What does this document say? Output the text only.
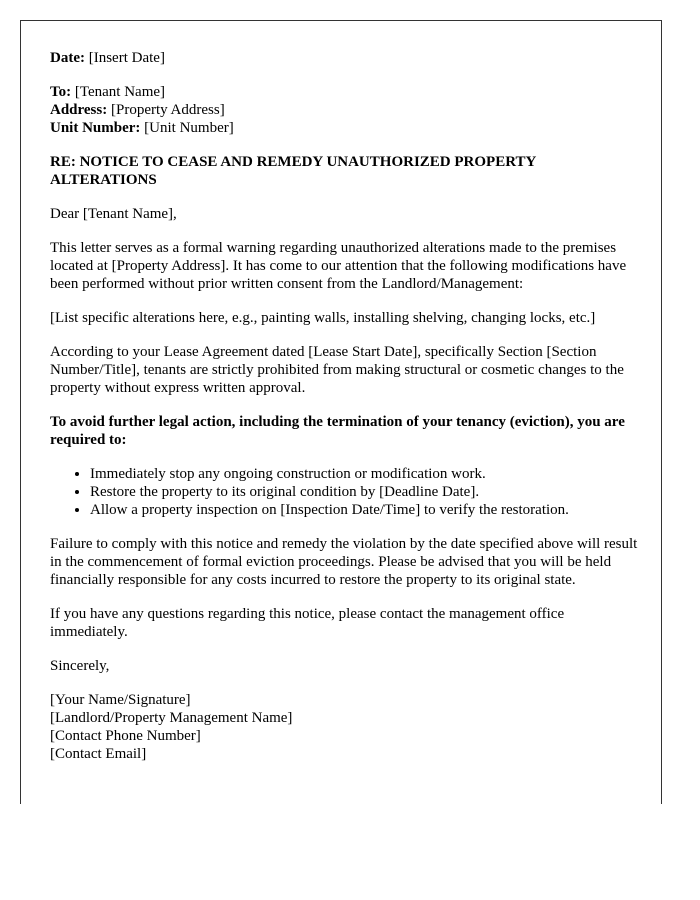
Date: [Insert Date]

To: [Tenant Name]
Address: [Property Address]
Unit Number: [Unit Number]

RE: NOTICE TO CEASE AND REMEDY UNAUTHORIZED PROPERTY ALTERATIONS

Dear [Tenant Name],

This letter serves as a formal warning regarding unauthorized alterations made to the premises located at [Property Address]. It has come to our attention that the following modifications have been performed without prior written consent from the Landlord/Management:

[List specific alterations here, e.g., painting walls, installing shelving, changing locks, etc.]

According to your Lease Agreement dated [Lease Start Date], specifically Section [Section Number/Title], tenants are strictly prohibited from making structural or cosmetic changes to the property without express written approval.

To avoid further legal action, including the termination of your tenancy (eviction), you are required to:

• Immediately stop any ongoing construction or modification work.
• Restore the property to its original condition by [Deadline Date].
• Allow a property inspection on [Inspection Date/Time] to verify the restoration.

Failure to comply with this notice and remedy the violation by the date specified above will result in the commencement of formal eviction proceedings. Please be advised that you will be held financially responsible for any costs incurred to restore the property to its original state.

If you have any questions regarding this notice, please contact the management office immediately.

Sincerely,

[Your Name/Signature]
[Landlord/Property Management Name]
[Contact Phone Number]
[Contact Email]
